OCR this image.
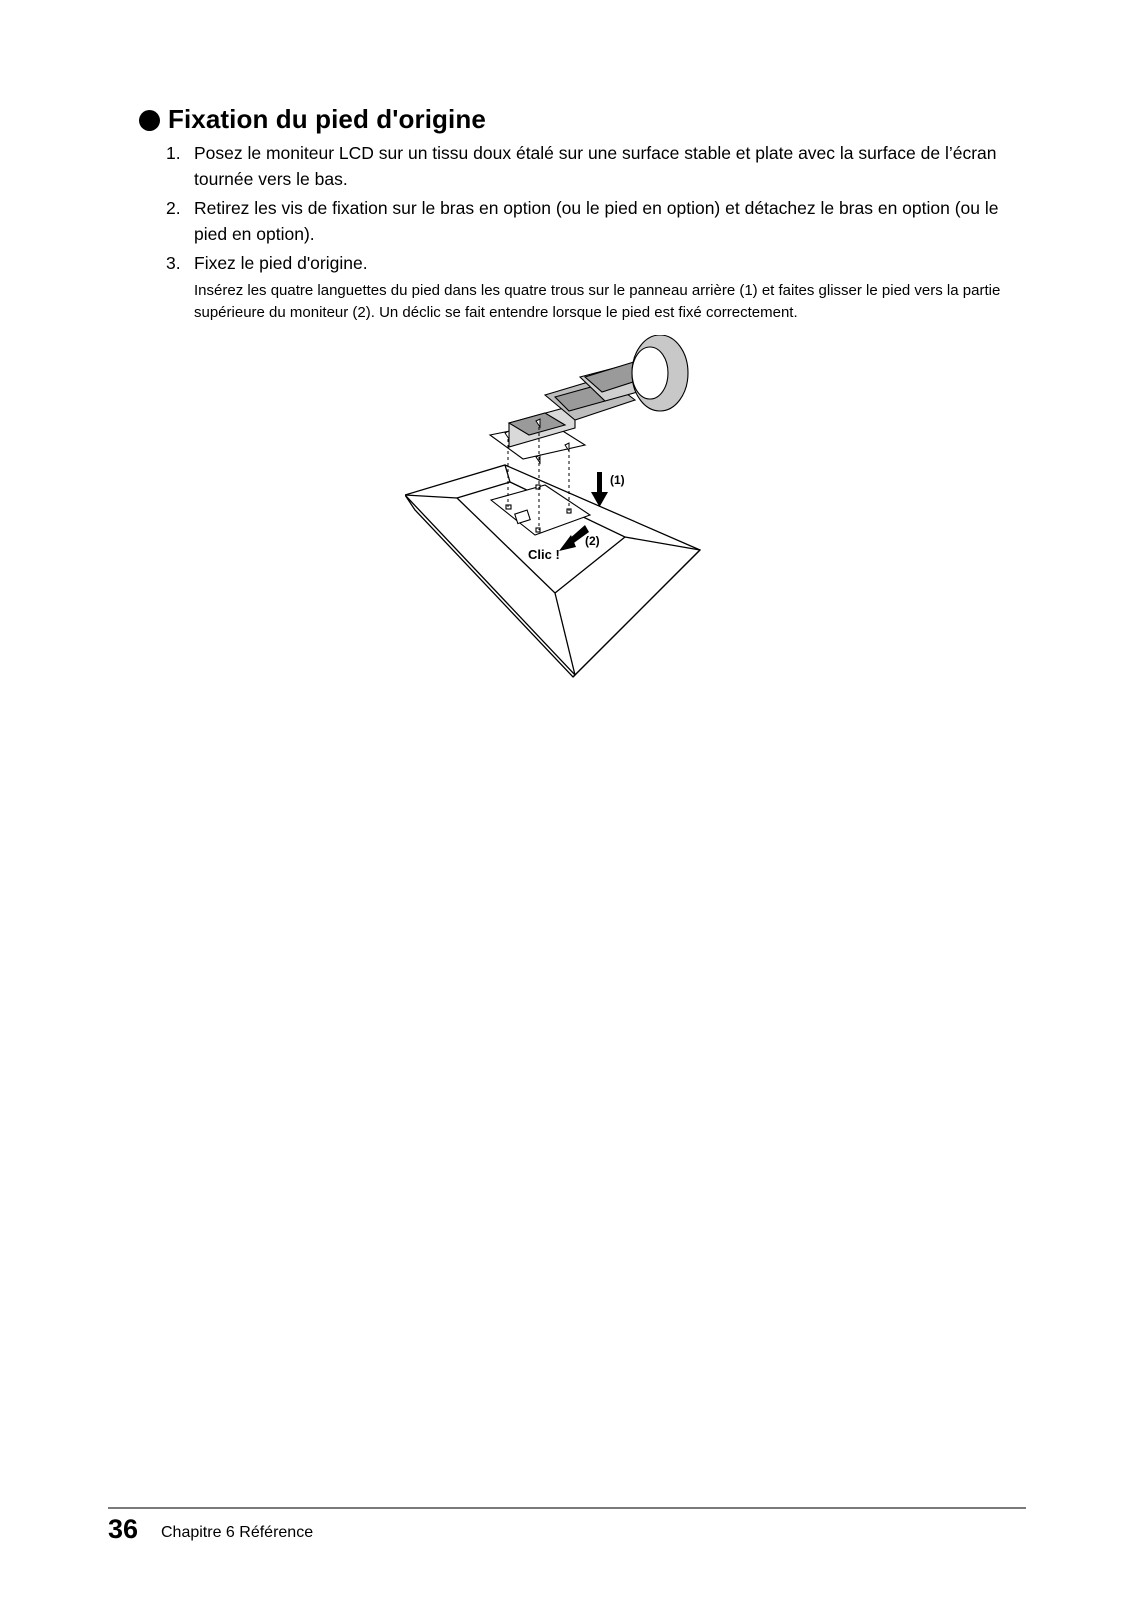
Fixation du pied d'origine
1. Posez le moniteur LCD sur un tissu doux étalé sur une surface stable et plate avec la surface de l’écran tournée vers le bas.
2. Retirez les vis de fixation sur le bras en option (ou le pied en option) et détachez le bras en option (ou le pied en option).
3. Fixez le pied d'origine.
Insérez les quatre languettes du pied dans les quatre trous sur le panneau arrière (1) et faites glisser le pied vers la partie supérieure du moniteur (2). Un déclic se fait entendre lorsque le pied est fixé correctement.
(1)
(2)
Clic !
36 Chapitre 6 Référence
